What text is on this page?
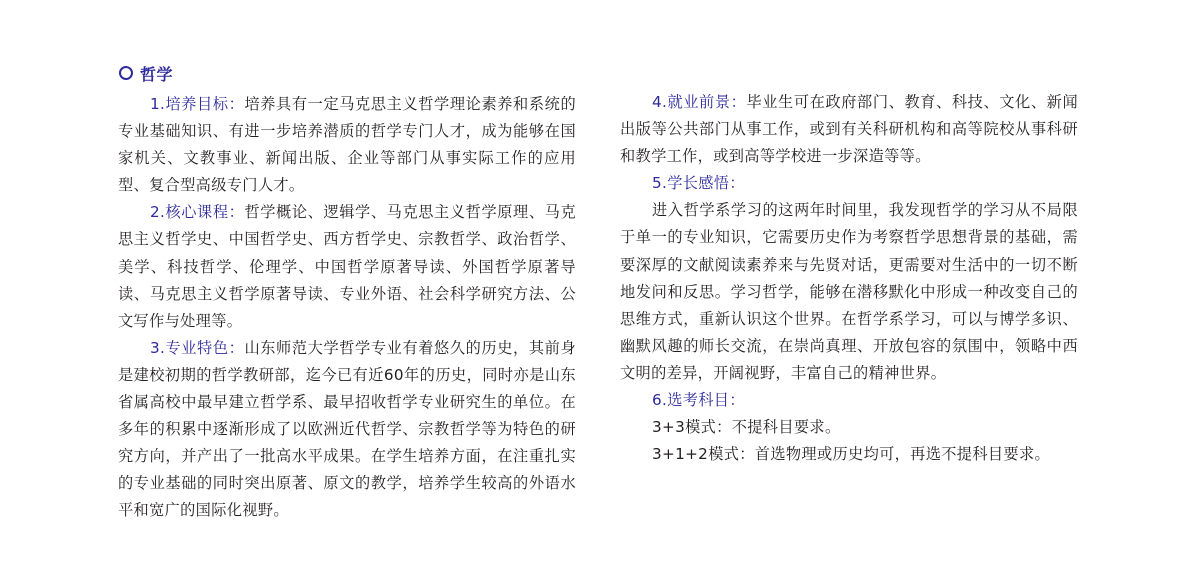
哲学

1.培养目标：培养具有一定马克思主义哲学理论素养和系统的专业基础知识、有进一步培养潜质的哲学专门人才，成为能够在国家机关、文教事业、新闻出版、企业等部门从事实际工作的应用型、复合型高级专门人才。

2.核心课程：哲学概论、逻辑学、马克思主义哲学原理、马克思主义哲学史、中国哲学史、西方哲学史、宗教哲学、政治哲学、美学、科技哲学、伦理学、中国哲学原著导读、外国哲学原著导读、马克思主义哲学原著导读、专业外语、社会科学研究方法、公文写作与处理等。

3.专业特色：山东师范大学哲学专业有着悠久的历史，其前身是建校初期的哲学教研部，迄今已有近60年的历史，同时亦是山东省属高校中最早建立哲学系、最早招收哲学专业研究生的单位。在多年的积累中逐渐形成了以欧洲近代哲学、宗教哲学等为特色的研究方向，并产出了一批高水平成果。在学生培养方面，在注重扎实的专业基础的同时突出原著、原文的教学，培养学生较高的外语水平和宽广的国际化视野。

4.就业前景：毕业生可在政府部门、教育、科技、文化、新闻出版等公共部门从事工作，或到有关科研机构和高等院校从事科研和教学工作，或到高等学校进一步深造等等。

5.学长感悟：

进入哲学系学习的这两年时间里，我发现哲学的学习从不局限于单一的专业知识，它需要历史作为考察哲学思想背景的基础，需要深厚的文献阅读素养来与先贤对话，更需要对生活中的一切不断地发问和反思。学习哲学，能够在潜移默化中形成一种改变自己的思维方式，重新认识这个世界。在哲学系学习，可以与博学多识、幽默风趣的师长交流，在崇尚真理、开放包容的氛围中，领略中西文明的差异，开阔视野，丰富自己的精神世界。

6.选考科目：

3+3模式：不提科目要求。

3+1+2模式：首选物理或历史均可，再选不提科目要求。
